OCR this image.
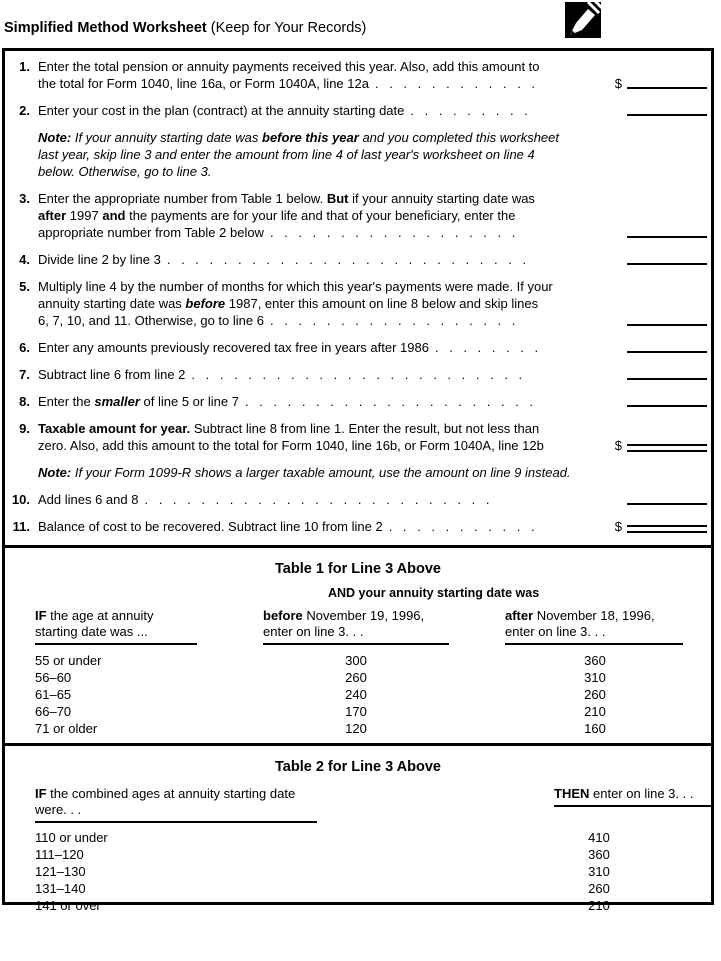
Simplified Method Worksheet (Keep for Your Records)
1. Enter the total pension or annuity payments received this year. Also, add this amount to
the total for Form 1040, line 16a, or Form 1040A, line 12a . . . . . . . . . . . .	$
2. Enter your cost in the plan (contract) at the annuity starting date . . . . . . . . .
Note: If your annuity starting date was before this year and you completed this worksheet
last year, skip line 3 and enter the amount from line 4 of last year's worksheet on line 4
below. Otherwise, go to line 3.
3. Enter the appropriate number from Table 1 below. But if your annuity starting date was
after 1997 and the payments are for your life and that of your beneficiary, enter the
appropriate number from Table 2 below . . . . . . . . . . . . . . . . . .
4. Divide line 2 by line 3 . . . . . . . . . . . . . . . . . . . . . . . . . .
5. Multiply line 4 by the number of months for which this year's payments were made. If your
annuity starting date was before 1987, enter this amount on line 8 below and skip lines
6, 7, 10, and 11. Otherwise, go to line 6 . . . . . . . . . . . . . . . . . .
6. Enter any amounts previously recovered tax free in years after 1986 . . . . . . . .
7. Subtract line 6 from line 2 . . . . . . . . . . . . . . . . . . . . . . . .
8. Enter the smaller of line 5 or line 7 . . . . . . . . . . . . . . . . . . . . .
9. Taxable amount for year. Subtract line 8 from line 1. Enter the result, but not less than
zero. Also, add this amount to the total for Form 1040, line 16b, or Form 1040A, line 12b	$
Note: If your Form 1099-R shows a larger taxable amount, use the amount on line 9 instead.
10. Add lines 6 and 8 . . . . . . . . . . . . . . . . . . . . . . . . .
11. Balance of cost to be recovered. Subtract line 10 from line 2 . . . . . . . . . . .	$
Table 1 for Line 3 Above
AND your annuity starting date was
IF the age at annuity
starting date was ...
before November 19, 1996,
enter on line 3. . .
after November 18, 1996,
enter on line 3. . .
55 or under	300	360
56–60	260	310
61–65	240	260
66–70	170	210
71 or older	120	160
Table 2 for Line 3 Above
IF the combined ages at annuity starting date were. . .
THEN enter on line 3. . .
110 or under	410
111–120	360
121–130	310
131–140	260
141 or over	210
